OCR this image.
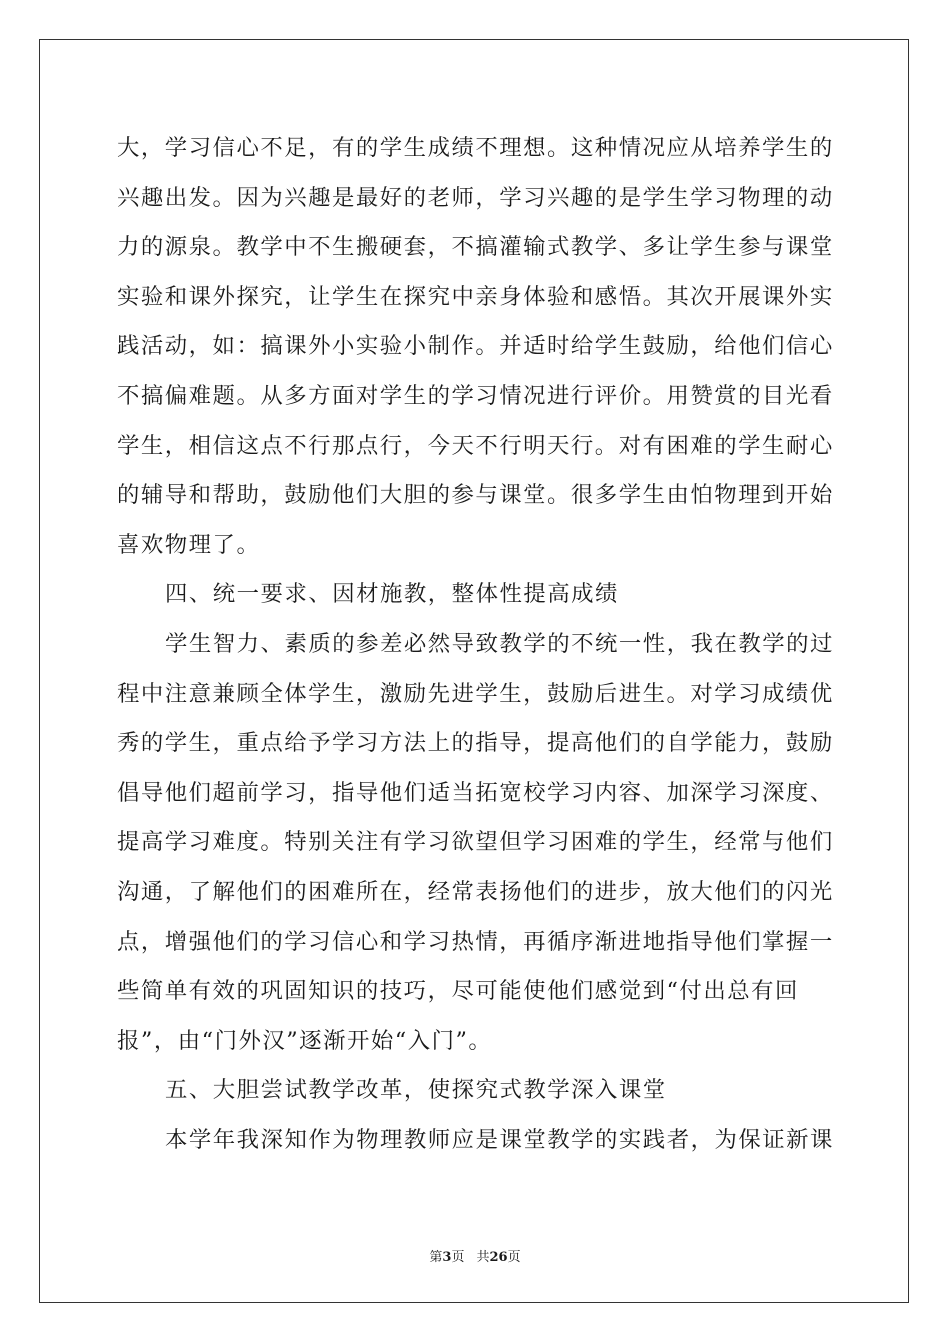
大，学习信心不足，有的学生成绩不理想。这种情况应从培养学生的
兴趣出发。因为兴趣是最好的老师，学习兴趣的是学生学习物理的动
力的源泉。教学中不生搬硬套，不搞灌输式教学、多让学生参与课堂
实验和课外探究，让学生在探究中亲身体验和感悟。其次开展课外实
践活动，如：搞课外小实验小制作。并适时给学生鼓励，给他们信心
不搞偏难题。从多方面对学生的学习情况进行评价。用赞赏的目光看
学生，相信这点不行那点行，今天不行明天行。对有困难的学生耐心
的辅导和帮助，鼓励他们大胆的参与课堂。很多学生由怕物理到开始
喜欢物理了。
四、统一要求、因材施教，整体性提高成绩
学生智力、素质的参差必然导致教学的不统一性，我在教学的过
程中注意兼顾全体学生，激励先进学生，鼓励后进生。对学习成绩优
秀的学生，重点给予学习方法上的指导，提高他们的自学能力，鼓励
倡导他们超前学习，指导他们适当拓宽校学习内容、加深学习深度、
提高学习难度。特别关注有学习欲望但学习困难的学生，经常与他们
沟通，了解他们的困难所在，经常表扬他们的进步，放大他们的闪光
点，增强他们的学习信心和学习热情，再循序渐进地指导他们掌握一
些简单有效的巩固知识的技巧，尽可能使他们感觉到“付出总有回
报”，由“门外汉”逐渐开始“入门”。
五、大胆尝试教学改革，使探究式教学深入课堂
本学年我深知作为物理教师应是课堂教学的实践者，为保证新课
第3页 共26页
